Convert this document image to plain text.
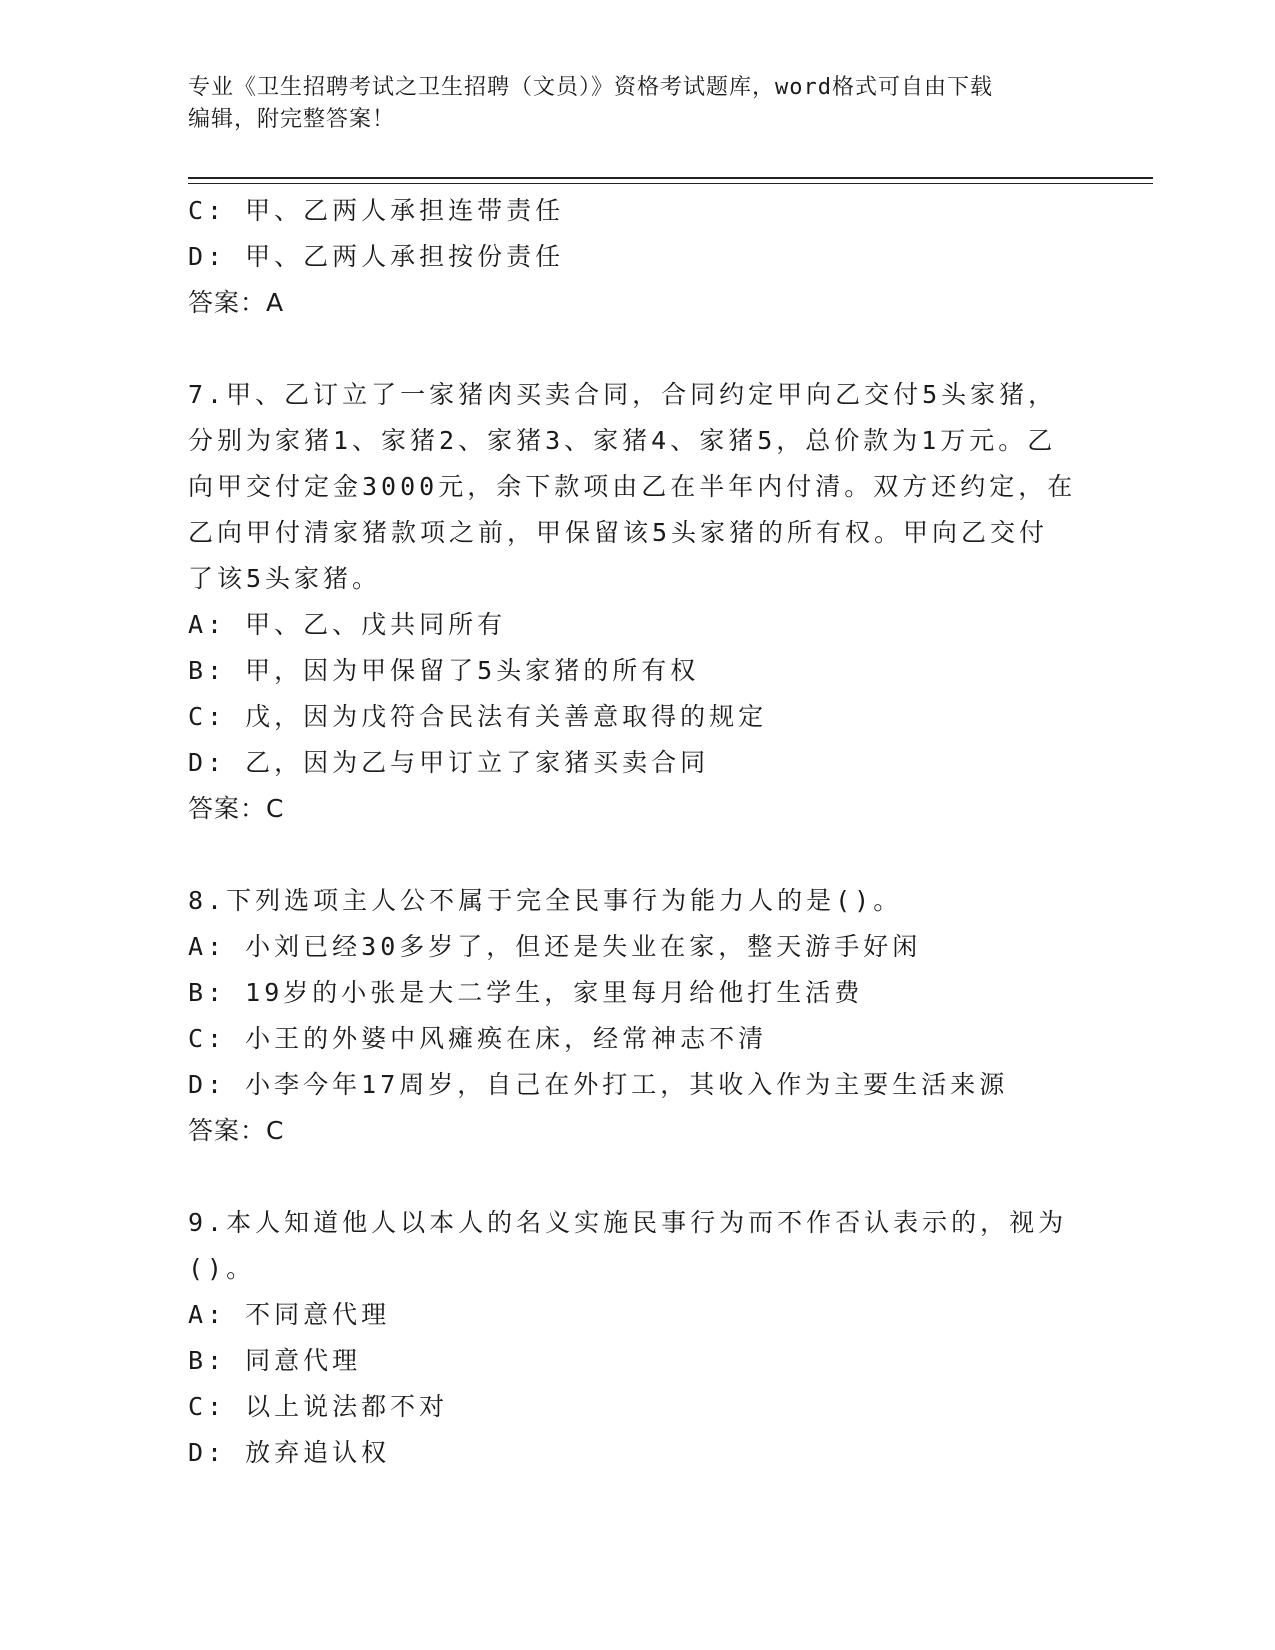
专业《卫生招聘考试之卫生招聘（文员）》资格考试题库，word格式可自由下载
编辑，附完整答案！
C: 甲、乙两人承担连带责任
D: 甲、乙两人承担按份责任
答案：A
7.甲、乙订立了一家猪肉买卖合同，合同约定甲向乙交付5头家猪，
分别为家猪1、家猪2、家猪3、家猪4、家猪5，总价款为1万元。乙
向甲交付定金3000元，余下款项由乙在半年内付清。双方还约定，在
乙向甲付清家猪款项之前，甲保留该5头家猪的所有权。甲向乙交付
了该5头家猪。
A: 甲、乙、戊共同所有
B: 甲，因为甲保留了5头家猪的所有权
C: 戊，因为戊符合民法有关善意取得的规定
D: 乙，因为乙与甲订立了家猪买卖合同
答案：C
8.下列选项主人公不属于完全民事行为能力人的是()。
A: 小刘已经30多岁了，但还是失业在家，整天游手好闲
B: 19岁的小张是大二学生，家里每月给他打生活费
C: 小王的外婆中风瘫痪在床，经常神志不清
D: 小李今年17周岁，自己在外打工，其收入作为主要生活来源
答案：C
9.本人知道他人以本人的名义实施民事行为而不作否认表示的，视为
()。
A: 不同意代理
B: 同意代理
C: 以上说法都不对
D: 放弃追认权
